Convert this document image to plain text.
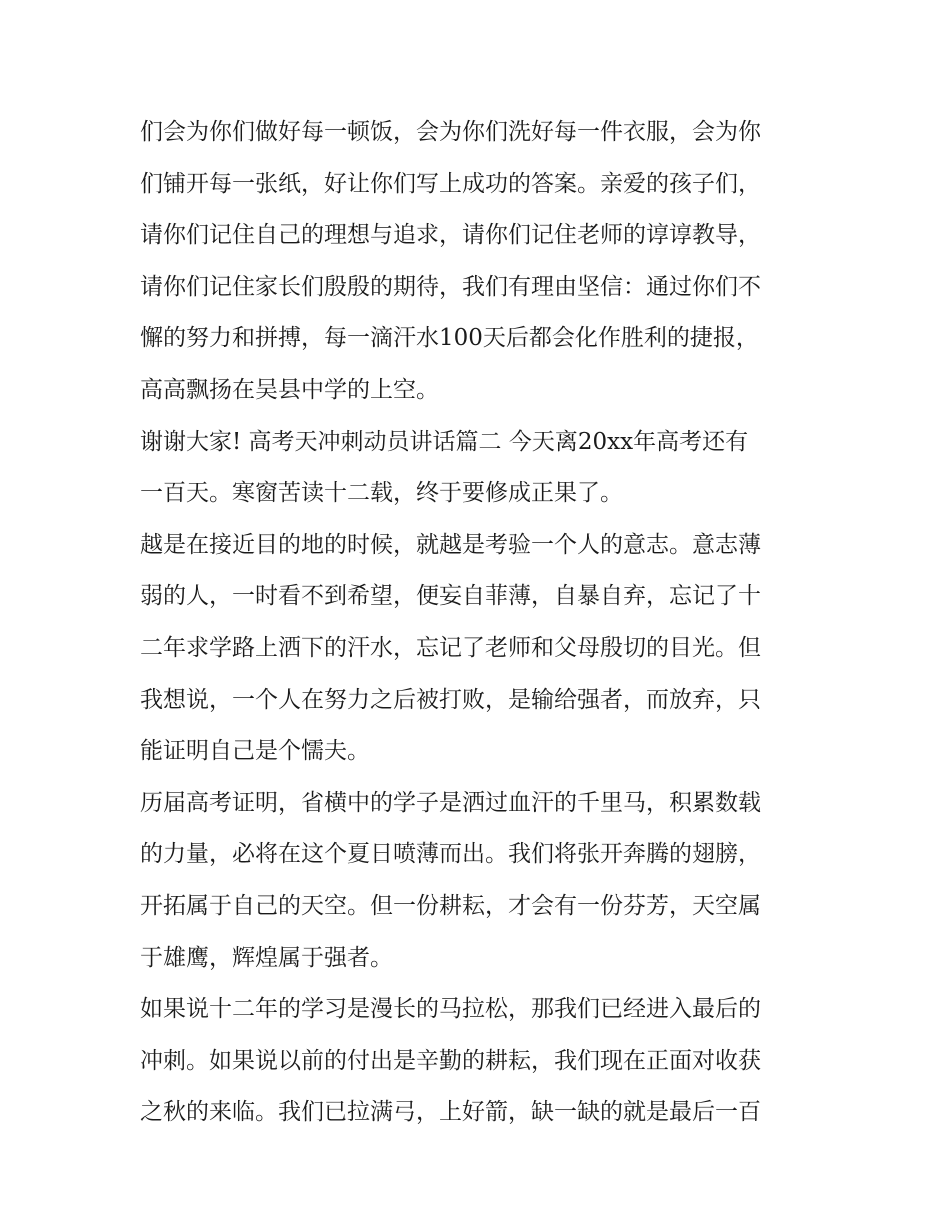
们会为你们做好每一顿饭，会为你们洗好每一件衣服，会为你
们铺开每一张纸，好让你们写上成功的答案。亲爱的孩子们，
请你们记住自己的理想与追求，请你们记住老师的谆谆教导，
请你们记住家长们殷殷的期待，我们有理由坚信：通过你们不
懈的努力和拼搏，每一滴汗水100天后都会化作胜利的捷报，
高高飘扬在吴县中学的上空。
谢谢大家! 高考天冲刺动员讲话篇二 今天离20xx年高考还有
一百天。寒窗苦读十二载，终于要修成正果了。
越是在接近目的地的时候，就越是考验一个人的意志。意志薄
弱的人，一时看不到希望，便妄自菲薄，自暴自弃，忘记了十
二年求学路上洒下的汗水，忘记了老师和父母殷切的目光。但
我想说，一个人在努力之后被打败，是输给强者，而放弃，只
能证明自己是个懦夫。
历届高考证明，省横中的学子是洒过血汗的千里马，积累数载
的力量，必将在这个夏日喷薄而出。我们将张开奔腾的翅膀，
开拓属于自己的天空。但一份耕耘，才会有一份芬芳，天空属
于雄鹰，辉煌属于强者。
如果说十二年的学习是漫长的马拉松，那我们已经进入最后的
冲刺。如果说以前的付出是辛勤的耕耘，我们现在正面对收获
之秋的来临。我们已拉满弓，上好箭，缺一缺的就是最后一百
